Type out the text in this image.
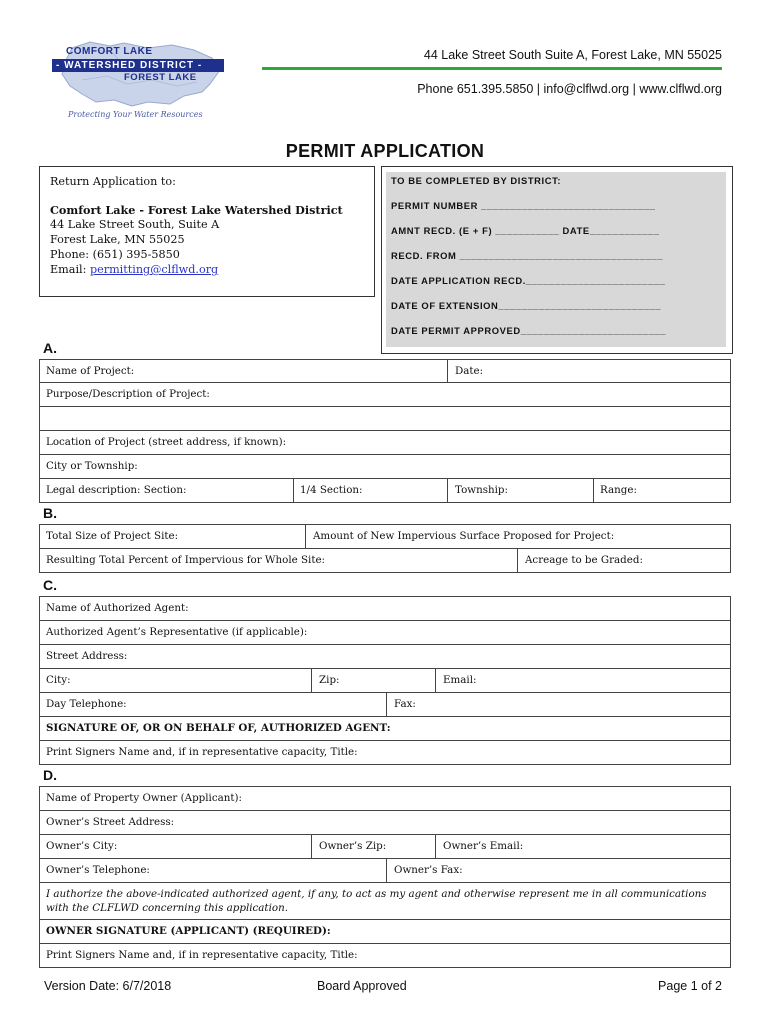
COMFORT LAKE
- WATERSHED DISTRICT -
FOREST LAKE
Protecting Your Water Resources
44 Lake Street South Suite A, Forest Lake, MN 55025
Phone 651.395.5850 | info@clflwd.org | www.clflwd.org
PERMIT APPLICATION
Return Application to:
Comfort Lake - Forest Lake Watershed District
44 Lake Street South, Suite A
Forest Lake, MN 55025
Phone: (651) 395-5850
Email: permitting@clflwd.org
TO BE COMPLETED BY DISTRICT:
PERMIT NUMBER ______________________________
AMNT RECD. (E + F) ___________ DATE____________
RECD. FROM ___________________________________
DATE APPLICATION RECD.________________________
DATE OF EXTENSION____________________________
DATE PERMIT APPROVED_________________________
A.
Name of Project:	Date:
Purpose/Description of Project:
Location of Project (street address, if known):
City or Township:
Legal description: Section:	1/4 Section:	Township:	Range:
B.
Total Size of Project Site:	Amount of New Impervious Surface Proposed for Project:
Resulting Total Percent of Impervious for Whole Site:	Acreage to be Graded:
C.
Name of Authorized Agent:
Authorized Agent’s Representative (if applicable):
Street Address:
City:	Zip:	Email:
Day Telephone:	Fax:
SIGNATURE OF, OR ON BEHALF OF, AUTHORIZED AGENT:
Print Signers Name and, if in representative capacity, Title:
D.
Name of Property Owner (Applicant):
Owner’s Street Address:
Owner’s City:	Owner’s Zip:	Owner’s Email:
Owner’s Telephone:	Owner’s Fax:
I authorize the above-indicated authorized agent, if any, to act as my agent and otherwise represent me in all communications with the CLFLWD concerning this application.
OWNER SIGNATURE (APPLICANT) (REQUIRED):
Print Signers Name and, if in representative capacity, Title:
Version Date: 6/7/2018	Board Approved	Page 1 of 2
